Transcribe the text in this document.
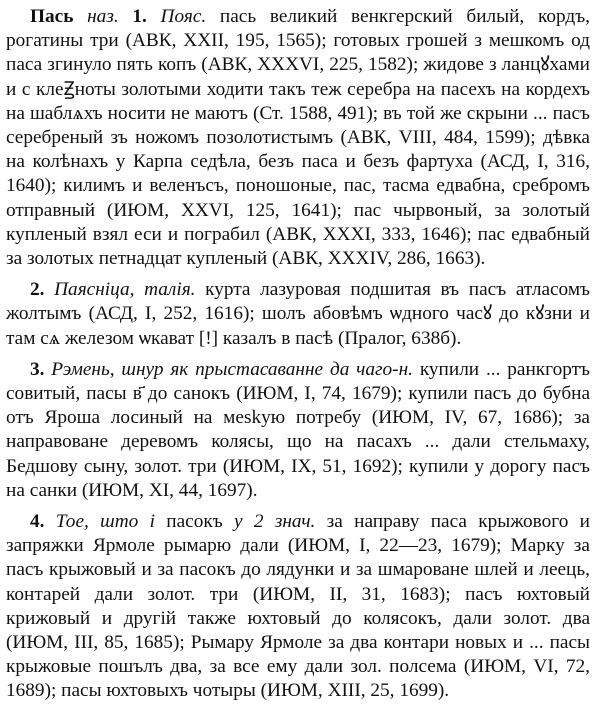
Пась наз. 1. Пояс. пась великий венкгерский билый, кордъ, рогатины три (АВК, XXII, 195, 1565); готовых грошей з мешкомъ од паса згинуло пять копъ (АВК, XXXVI, 225, 1582); жидове з ланцꙋхами и с клеꙂноты золотыми ходити такъ теж серебра на пасехъ на кордехъ на шаблѧхъ носити не маютъ (Ст. 1588, 491); въ той же скрыни ... пасъ серебреный зъ ножомъ позолотистымъ (АВК, VIII, 484, 1599); дѣвка на колѣнахъ у Карпа седѣла, безъ паса и безъ фартуха (АСД, I, 316, 1640); килимъ и веленъсъ, поношоные, пас, тасма едвабна, сребромъ отправный (ИЮМ, XXVI, 125, 1641); пас чырвоный, за золотый купленый взял еси и пограбил (АВК, XXXI, 333, 1646); пас едвабный за золотых петнадцат купленый (АВК, XXXIV, 286, 1663).

2. Паясніца, талія. курта лазуровая подшитая въ пасъ атласомъ жолтымъ (АСД, I, 252, 1616); шолъ абовѣмъ ѡдного часꙋ до кꙋзни и там сѧ железом ѡкават [!] казалъ в пасѣ (Пралог, 638б).

3. Рэмень, шнур як прыстасаванне да чаго-н. купили ... ранкгортъ совитый, пасы в҃ до санокъ (ИЮМ, I, 74, 1679); купили пасъ до бубна отъ Яроша лосиный на меskую потребу (ИЮМ, IV, 67, 1686); за направоване деревомъ колясы, що на пасахъ ... дали стельмаху, Бедшову сыну, золот. три (ИЮМ, IX, 51, 1692); купили у дорогу пасъ на санки (ИЮМ, XI, 44, 1697).

4. Тое, што і пасокъ у 2 знач. за направу паса крыжового и запряжки Ярмоле рымарю дали (ИЮМ, I, 22—23, 1679); Марку за пасъ крыжовый и за пасокъ до лядунки и за шмароване шлей и леець, контарей дали золот. три (ИЮМ, II, 31, 1683); пасъ юхтовый крижовый и другій также юхтовый до колясокъ, дали золот. два (ИЮМ, III, 85, 1685); Рымару Ярмоле за два контари новых и ... пасы крыжовые пошълъ два, за все ему дали зол. полсема (ИЮМ, VI, 72, 1689); пасы юхтовыхъ чотыры (ИЮМ, XIII, 25, 1699).
